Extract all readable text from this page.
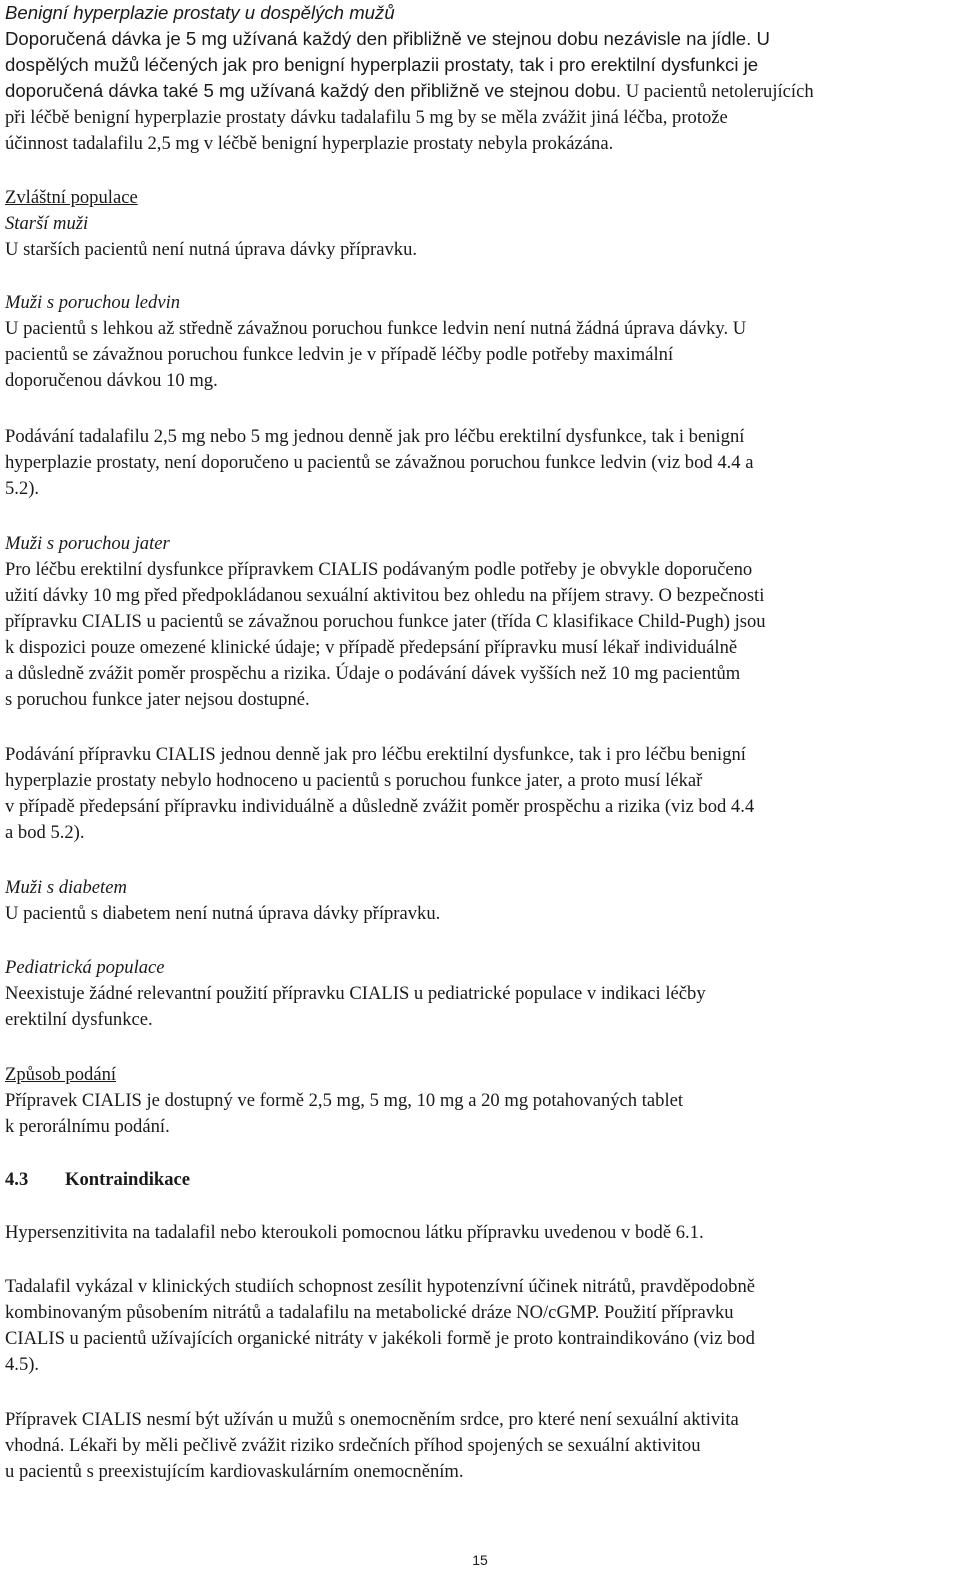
Benigní hyperplazie prostaty u dospělých mužů
Doporučená dávka je 5 mg užívaná každý den přibližně ve stejnou dobu nezávisle na jídle. U
dospělých mužů léčených jak pro benigní hyperplazii prostaty, tak i pro erektilní dysfunkci je
doporučená dávka také 5 mg užívaná každý den přibližně ve stejnou dobu. U pacientů netolerujících
při léčbě benigní hyperplazie prostaty dávku tadalafilu 5 mg by se měla zvážit jiná léčba, protože
účinnost tadalafilu 2,5 mg v léčbě benigní hyperplazie prostaty nebyla prokázána.
Zvláštní populace
Starší muži
U starších pacientů není nutná úprava dávky přípravku.
Muži s poruchou ledvin
U pacientů s lehkou až středně závažnou poruchou funkce ledvin není nutná žádná úprava dávky. U
pacientů se závažnou poruchou funkce ledvin je v případě léčby podle potřeby maximální
doporučenou dávkou 10 mg.
Podávání tadalafilu 2,5 mg nebo 5 mg jednou denně jak pro léčbu erektilní dysfunkce, tak i benigní
hyperplazie prostaty, není doporučeno u pacientů se závažnou poruchou funkce ledvin (viz bod 4.4 a
5.2).
Muži s poruchou jater
Pro léčbu erektilní dysfunkce přípravkem CIALIS podávaným podle potřeby je obvykle doporučeno
užití dávky 10 mg před předpokládanou sexuální aktivitou bez ohledu na příjem stravy. O bezpečnosti
přípravku CIALIS u pacientů se závažnou poruchou funkce jater (třída C klasifikace Child-Pugh) jsou
k dispozici pouze omezené klinické údaje; v případě předepsání přípravku musí lékař individuálně
a důsledně zvážit poměr prospěchu a rizika. Údaje o podávání dávek vyšších než 10 mg pacientům
s poruchou funkce jater nejsou dostupné.
Podávání přípravku CIALIS jednou denně jak pro léčbu erektilní dysfunkce, tak i pro léčbu benigní
hyperplazie prostaty nebylo hodnoceno u pacientů s poruchou funkce jater, a proto musí lékař
v případě předepsání přípravku individuálně a důsledně zvážit poměr prospěchu a rizika (viz bod 4.4
a bod 5.2).
Muži s diabetem
U pacientů s diabetem není nutná úprava dávky přípravku.
Pediatrická populace
Neexistuje žádné relevantní použití přípravku CIALIS u pediatrické populace v indikaci léčby
erektilní dysfunkce.
Způsob podání
Přípravek CIALIS je dostupný ve formě 2,5 mg, 5 mg, 10 mg a 20 mg potahovaných tablet
k perorálnímu podání.
4.3 Kontraindikace
Hypersenzitivita na tadalafil nebo kteroukoli pomocnou látku přípravku uvedenou v bodě 6.1.
Tadalafil vykázal v klinických studiích schopnost zesílit hypotenzívní účinek nitrátů, pravděpodobně
kombinovaným působením nitrátů a tadalafilu na metabolické dráze NO/cGMP. Použití přípravku
CIALIS u pacientů užívajících organické nitráty v jakékoli formě je proto kontraindikováno (viz bod
4.5).
Přípravek CIALIS nesmí být užíván u mužů s onemocněním srdce, pro které není sexuální aktivita
vhodná. Lékaři by měli pečlivě zvážit riziko srdečních příhod spojených se sexuální aktivitou
u pacientů s preexistujícím kardiovaskulárním onemocněním.
15
